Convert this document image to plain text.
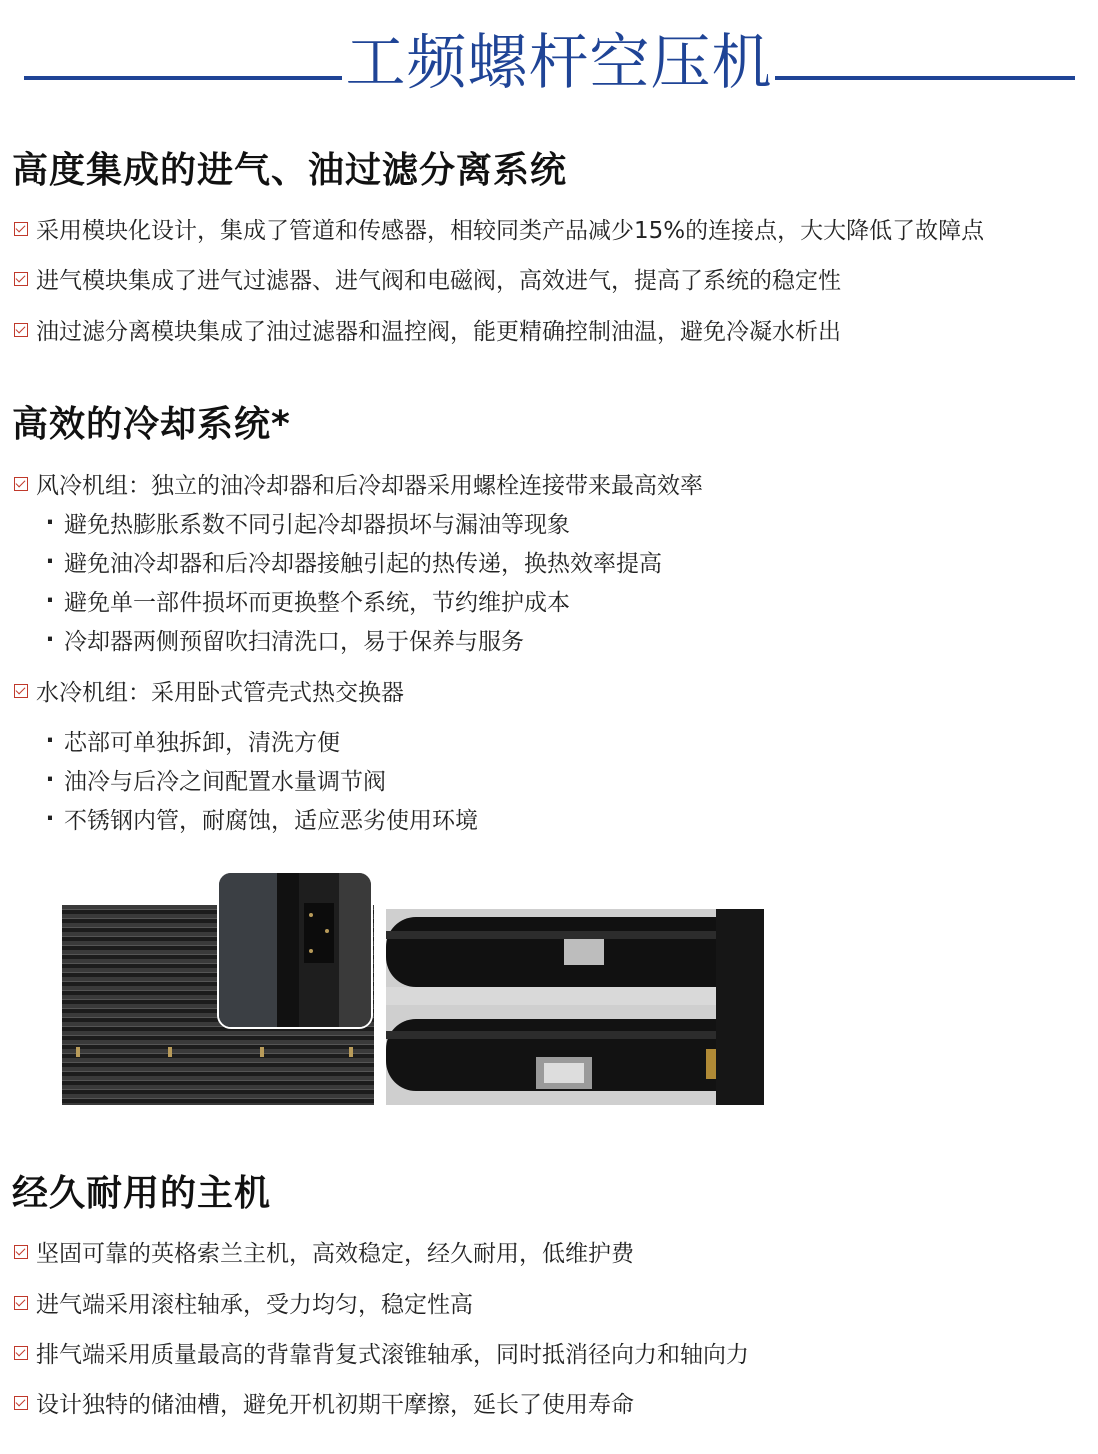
工频螺杆空压机
高度集成的进气、油过滤分离系统
采用模块化设计，集成了管道和传感器，相较同类产品减少15%的连接点，大大降低了故障点
进气模块集成了进气过滤器、进气阀和电磁阀，高效进气，提高了系统的稳定性
油过滤分离模块集成了油过滤器和温控阀，能更精确控制油温，避免冷凝水析出
高效的冷却系统*
风冷机组：独立的油冷却器和后冷却器采用螺栓连接带来最高效率
· 避免热膨胀系数不同引起冷却器损坏与漏油等现象
· 避免油冷却器和后冷却器接触引起的热传递，换热效率提高
· 避免单一部件损坏而更换整个系统，节约维护成本
· 冷却器两侧预留吹扫清洗口，易于保养与服务
水冷机组：采用卧式管壳式热交换器
· 芯部可单独拆卸，清洗方便
· 油冷与后冷之间配置水量调节阀
· 不锈钢内管，耐腐蚀，适应恶劣使用环境
经久耐用的主机
坚固可靠的英格索兰主机，高效稳定，经久耐用，低维护费
进气端采用滚柱轴承，受力均匀，稳定性高
排气端采用质量最高的背靠背复式滚锥轴承，同时抵消径向力和轴向力
设计独特的储油槽，避免开机初期干摩擦，延长了使用寿命
